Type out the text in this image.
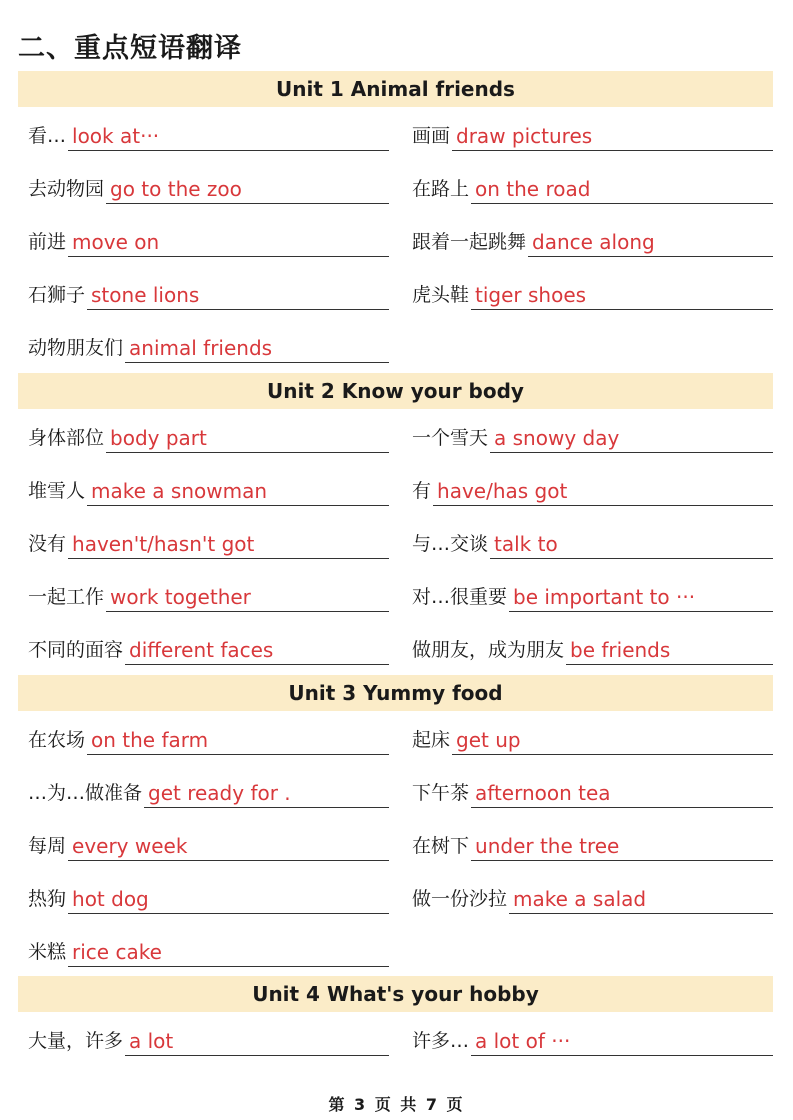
二、重点短语翻译
Unit 1 Animal friends
看… look at···	画画 draw pictures
去动物园 go to the zoo	在路上 on the road
前进 move on	跟着一起跳舞 dance along
石狮子 stone lions	虎头鞋 tiger shoes
动物朋友们 animal friends
Unit 2 Know your body
身体部位 body part	一个雪天 a snowy day
堆雪人 make a snowman	有 have/has got
没有 haven't/hasn't got	与…交谈 talk to
一起工作 work together	对…很重要 be important to ···
不同的面容 different faces	做朋友，成为朋友 be friends
Unit 3 Yummy food
在农场 on the farm	起床 get up
…为…做准备 get ready for .	下午茶 afternoon tea
每周 every week	在树下 under the tree
热狗 hot dog	做一份沙拉 make a salad
米糕 rice cake
Unit 4 What's your hobby
大量，许多 a lot	许多… a lot of ···
第 3 页 共 7 页
